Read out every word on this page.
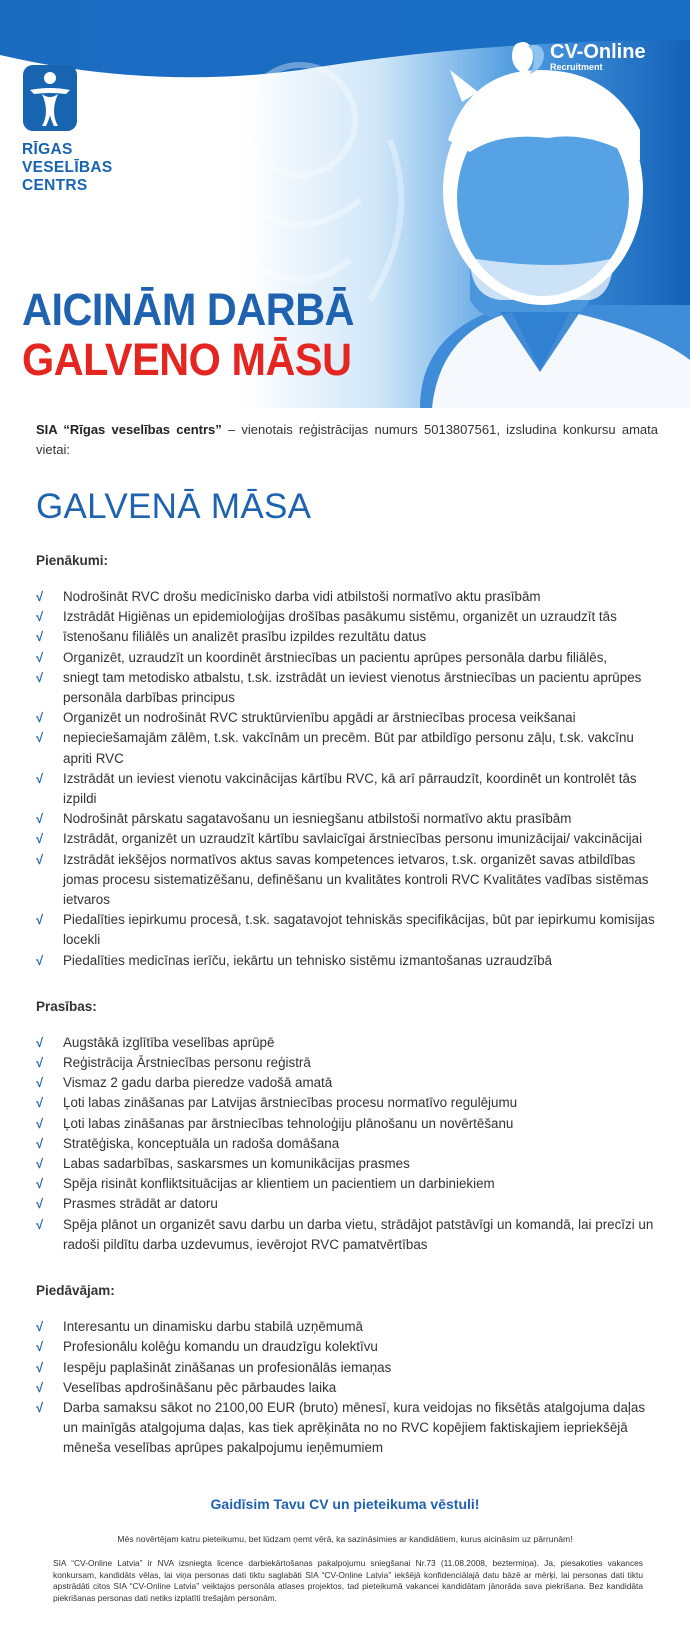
RĪGAS
VESELĪBAS
CENTRS
CV-Online
Recruitment
AICINĀM DARBĀ
GALVENO MĀSU

SIA “Rīgas veselības centrs” – vienotais reģistrācijas numurs 5013807561, izsludina konkursu amata vietai:

GALVENĀ MĀSA
Pienākumi:
√ Nodrošināt RVC drošu medicīnisko darba vidi atbilstoši normatīvo aktu prasībām
√ Izstrādāt Higiēnas un epidemioloģijas drošības pasākumu sistēmu, organizēt un uzraudzīt tās
√ īstenošanu filiālēs un analizēt prasību izpildes rezultātu datus
√ Organizēt, uzraudzīt un koordinēt ārstniecības un pacientu aprūpes personāla darbu filiālēs,
√ sniegt tam metodisko atbalstu, t.sk. izstrādāt un ieviest vienotus ārstniecības un pacientu aprūpes personāla darbības principus
√ Organizēt un nodrošināt RVC struktūrvienību apgādi ar ārstniecības procesa veikšanai
√ nepieciešamajām zālēm, t.sk. vakcīnām un precēm. Būt par atbildīgo personu zāļu, t.sk. vakcīnu apriti RVC
√ Izstrādāt un ieviest vienotu vakcinācijas kārtību RVC, kā arī pārraudzīt, koordinēt un kontrolēt tās izpildi
√ Nodrošināt pārskatu sagatavošanu un iesniegšanu atbilstoši normatīvo aktu prasībām
√ Izstrādāt, organizēt un uzraudzīt kārtību savlaicīgai ārstniecības personu imunizācijai/ vakcinācijai
√ Izstrādāt iekšējos normatīvos aktus savas kompetences ietvaros, t.sk. organizēt savas atbildības jomas procesu sistematizēšanu, definēšanu un kvalitātes kontroli RVC Kvalitātes vadības sistēmas ietvaros
√ Piedalīties iepirkumu procesā, t.sk. sagatavojot tehniskās specifikācijas, būt par iepirkumu komisijas locekli
√ Piedalīties medicīnas ierīču, iekārtu un tehnisko sistēmu izmantošanas uzraudzībā
Prasības:
√ Augstākā izglītība veselības aprūpē
√ Reģistrācija Ārstniecības personu reģistrā
√ Vismaz 2 gadu darba pieredze vadošā amatā
√ Ļoti labas zināšanas par Latvijas ārstniecības procesu normatīvo regulējumu
√ Ļoti labas zināšanas par ārstniecības tehnoloģiju plānošanu un novērtēšanu
√ Stratēģiska, konceptuāla un radoša domāšana
√ Labas sadarbības, saskarsmes un komunikācijas prasmes
√ Spēja risināt konfliktsituācijas ar klientiem un pacientiem un darbiniekiem
√ Prasmes strādāt ar datoru
√ Spēja plānot un organizēt savu darbu un darba vietu, strādājot patstāvīgi un komandā, lai precīzi un radoši pildītu darba uzdevumus, ievērojot RVC pamatvērtības
Piedāvājam:
√ Interesantu un dinamisku darbu stabilā uzņēmumā
√ Profesionālu kolēģu komandu un draudzīgu kolektīvu
√ Iespēju paplašināt zināšanas un profesionālās iemaņas
√ Veselības apdrošināšanu pēc pārbaudes laika
√ Darba samaksu sākot no 2100,00 EUR (bruto) mēnesī, kura veidojas no fiksētās atalgojuma daļas un mainīgās atalgojuma daļas, kas tiek aprēķināta no no RVC kopējiem faktiskajiem iepriekšējā mēneša veselības aprūpes pakalpojumu ieņēmumiem
Gaidīsim Tavu CV un pieteikuma vēstuli!
Mēs novērtējam katru pieteikumu, bet lūdzam ņemt vērā, ka sazināsimies ar kandidātiem, kurus aicināsim uz pārrunām!
SIA “CV-Online Latvia” ir NVA izsniegta licence darbiekārtošanas pakalpojumu sniegšanai Nr.73 (11.08.2008, beztermiņa). Ja, piesakoties vakances konkursam, kandidāts vēlas, lai viņa personas dati tiktu saglabāti SIA “CV-Online Latvia” iekšējā konfidenciālajā datu bāzē ar mērķi, lai personas dati tiktu apstrādāti citos SIA “CV-Online Latvia” veiktajos personāla atlases projektos, tad pieteikumā vakancei kandidātam jānorāda sava piekrišana. Bez kandidāta piekrišanas personas dati netiks izplatīti trešajām personām.
